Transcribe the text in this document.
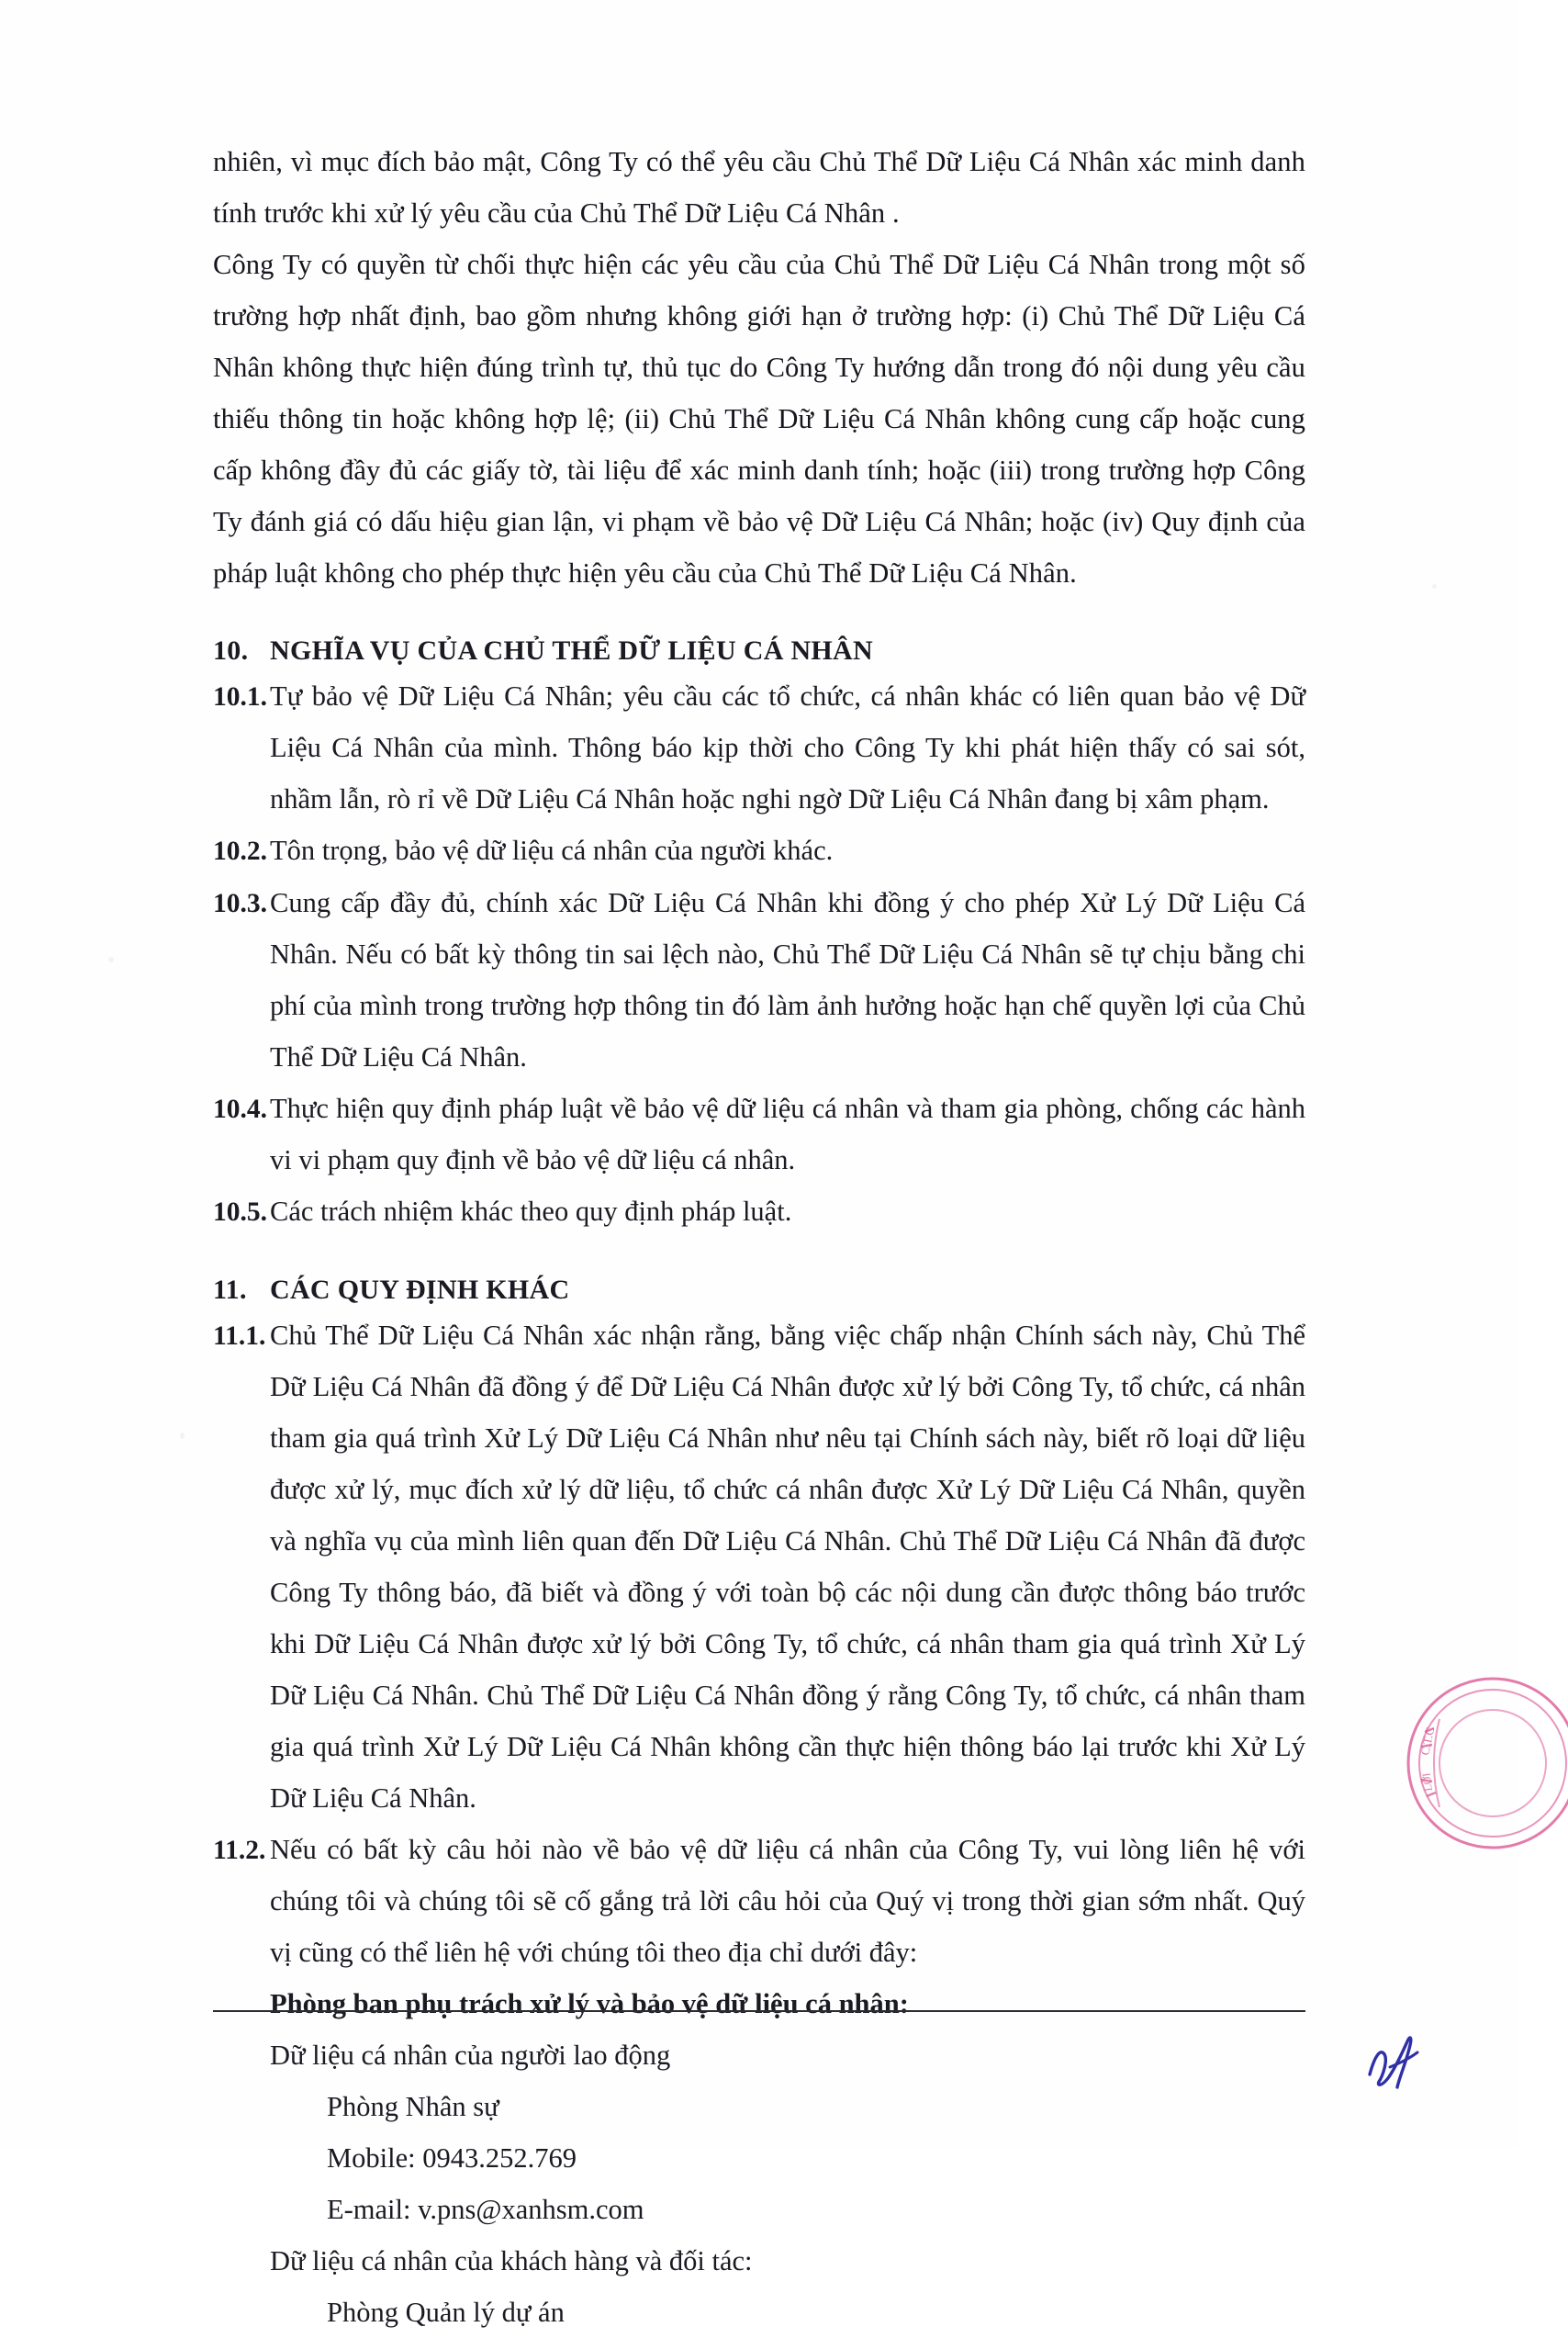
nhiên, vì mục đích bảo mật, Công Ty có thể yêu cầu Chủ Thể Dữ Liệu Cá Nhân xác minh danh tính trước khi xử lý yêu cầu của Chủ Thể Dữ Liệu Cá Nhân .

Công Ty có quyền từ chối thực hiện các yêu cầu của Chủ Thể Dữ Liệu Cá Nhân trong một số trường hợp nhất định, bao gồm nhưng không giới hạn ở trường hợp: (i) Chủ Thể Dữ Liệu Cá Nhân không thực hiện đúng trình tự, thủ tục do Công Ty hướng dẫn trong đó nội dung yêu cầu thiếu thông tin hoặc không hợp lệ; (ii) Chủ Thể Dữ Liệu Cá Nhân không cung cấp hoặc cung cấp không đầy đủ các giấy tờ, tài liệu để xác minh danh tính; hoặc (iii) trong trường hợp Công Ty đánh giá có dấu hiệu gian lận, vi phạm về bảo vệ Dữ Liệu Cá Nhân; hoặc (iv) Quy định của pháp luật không cho phép thực hiện yêu cầu của Chủ Thể Dữ Liệu Cá Nhân.

10. NGHĨA VỤ CỦA CHỦ THỂ DỮ LIỆU CÁ NHÂN
10.1. Tự bảo vệ Dữ Liệu Cá Nhân; yêu cầu các tổ chức, cá nhân khác có liên quan bảo vệ Dữ Liệu Cá Nhân của mình. Thông báo kịp thời cho Công Ty khi phát hiện thấy có sai sót, nhầm lẫn, rò rỉ về Dữ Liệu Cá Nhân hoặc nghi ngờ Dữ Liệu Cá Nhân đang bị xâm phạm.
10.2. Tôn trọng, bảo vệ dữ liệu cá nhân của người khác.
10.3. Cung cấp đầy đủ, chính xác Dữ Liệu Cá Nhân khi đồng ý cho phép Xử Lý Dữ Liệu Cá Nhân. Nếu có bất kỳ thông tin sai lệch nào, Chủ Thể Dữ Liệu Cá Nhân sẽ tự chịu bằng chi phí của mình trong trường hợp thông tin đó làm ảnh hưởng hoặc hạn chế quyền lợi của Chủ Thể Dữ Liệu Cá Nhân.
10.4. Thực hiện quy định pháp luật về bảo vệ dữ liệu cá nhân và tham gia phòng, chống các hành vi vi phạm quy định về bảo vệ dữ liệu cá nhân.
10.5. Các trách nhiệm khác theo quy định pháp luật.
11. CÁC QUY ĐỊNH KHÁC
11.1. Chủ Thể Dữ Liệu Cá Nhân xác nhận rằng, bằng việc chấp nhận Chính sách này, Chủ Thể Dữ Liệu Cá Nhân đã đồng ý để Dữ Liệu Cá Nhân được xử lý bởi Công Ty, tổ chức, cá nhân tham gia quá trình Xử Lý Dữ Liệu Cá Nhân như nêu tại Chính sách này, biết rõ loại dữ liệu được xử lý, mục đích xử lý dữ liệu, tổ chức cá nhân được Xử Lý Dữ Liệu Cá Nhân, quyền và nghĩa vụ của mình liên quan đến Dữ Liệu Cá Nhân. Chủ Thể Dữ Liệu Cá Nhân đã được Công Ty thông báo, đã biết và đồng ý với toàn bộ các nội dung cần được thông báo trước khi Dữ Liệu Cá Nhân được xử lý bởi Công Ty, tổ chức, cá nhân tham gia quá trình Xử Lý Dữ Liệu Cá Nhân. Chủ Thể Dữ Liệu Cá Nhân đồng ý rằng Công Ty, tổ chức, cá nhân tham gia quá trình Xử Lý Dữ Liệu Cá Nhân không cần thực hiện thông báo lại trước khi Xử Lý Dữ Liệu Cá Nhân.
11.2. Nếu có bất kỳ câu hỏi nào về bảo vệ dữ liệu cá nhân của Công Ty, vui lòng liên hệ với chúng tôi và chúng tôi sẽ cố gắng trả lời câu hỏi của Quý vị trong thời gian sớm nhất. Quý vị cũng có thể liên hệ với chúng tôi theo địa chỉ dưới đây:
Phòng ban phụ trách xử lý và bảo vệ dữ liệu cá nhân:
Dữ liệu cá nhân của người lao động
Phòng Nhân sự
Mobile: 0943.252.769
E-mail: v.pns@xanhsm.com
Dữ liệu cá nhân của khách hàng và đối tác:
Phòng Quản lý dự án
C.T.C
LỜI
